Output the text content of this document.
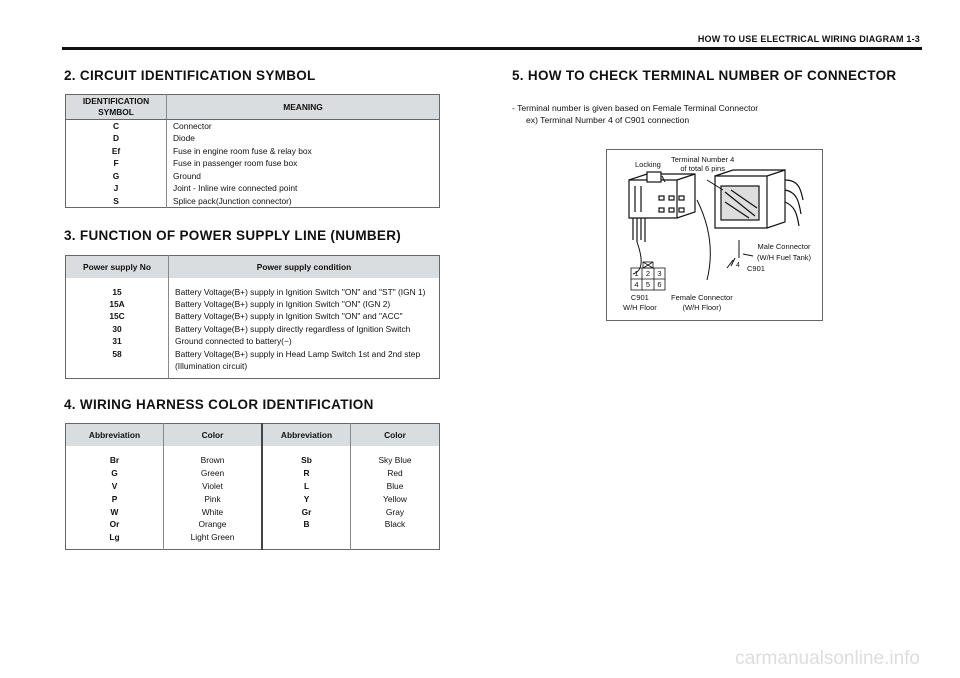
HOW TO USE ELECTRICAL WIRING DIAGRAM 1-3
2. CIRCUIT IDENTIFICATION SYMBOL
IDENTIFICATION SYMBOL	MEANING
C	Connector
D	Diode
Ef	Fuse in engine room fuse & relay box
F	Fuse in passenger room fuse box
G	Ground
J	Joint - Inline wire connected point
S	Splice pack(Junction connector)
3. FUNCTION OF POWER SUPPLY LINE (NUMBER)
Power supply No	Power supply condition

15	Battery Voltage(B+) supply in Ignition Switch "ON" and "ST" (IGN 1)
15A	Battery Voltage(B+) supply in Ignition Switch "ON" (IGN 2)
15C	Battery Voltage(B+) supply in Ignition Switch "ON" and "ACC"
30	Battery Voltage(B+) supply directly regardless of Ignition Switch
31	Ground connected to battery(−)
58	Battery Voltage(B+) supply in Head Lamp Switch 1st and 2nd step
	(Illumination circuit)

4. WIRING HARNESS COLOR IDENTIFICATION
Abbreviation	Color	Abbreviation	Color

Br	Brown	Sb	Sky Blue
G	Green	R	Red
V	Violet	L	Blue
P	Pink	Y	Yellow
W	White	Gr	Gray
Or	Orange	B	Black
Lg	Light Green		

5. HOW TO CHECK TERMINAL NUMBER OF CONNECTOR
- Terminal number is given based on Female Terminal Connector
ex) Terminal Number 4 of C901 connection
Locking
Terminal Number 4
of total 6 pins
Male Connector
(W/H Fuel Tank)
C901
4
1 2 3
4 5 6
C901
W/H Floor
Female Connector
(W/H Floor)
carmanualsonline.info
